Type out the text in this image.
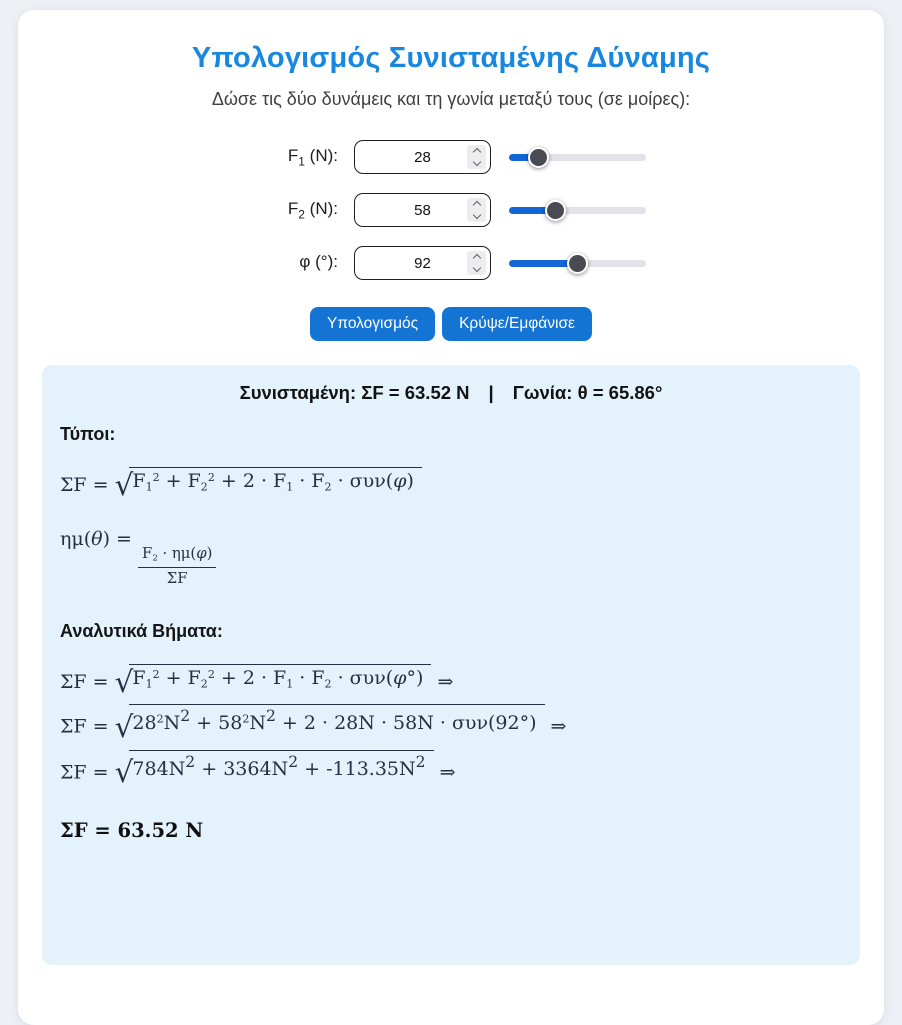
Υπολογισμός Συνισταμένης Δύναμης

Δώσε τις δύο δυνάμεις και τη γωνία μεταξύ τους (σε μοίρες):

$F_1$ (N):
28
$F_2$ (N):
58
φ (°):
92
Υπολογισμός	Κρύψε/Εμφάνισε

Συνισταμένη: ΣF = 63.52 N | Γωνία: θ = 65.86°

Τύποι:
ΣF = √ $F1^2 + F2^2 + 2 \cdot F1 \cdot F2 \cdot \sigma\upsilon\nu(\varphi)$
ημ(θ) =
$\frac{F2 \cdot \eta\mu(\varphi)}{\Sigma F}$
Αναλυτικά Βήματα:
ΣF = √ $F1^2 + F2^2 + 2 \cdot F1 \cdot F2 \cdot \sigma\upsilon\nu(\varphi^\circ)$ ⇒
ΣF = √ $28^2N^2 + 58^2N^2 + 2 \cdot 28N \cdot 58N \cdot \sigma\upsilon\nu(92^\circ)$ ⇒
ΣF = √ $784N^2 + 3364N^2 + -113.35N^2$ ⇒
ΣF = 63.52 N
